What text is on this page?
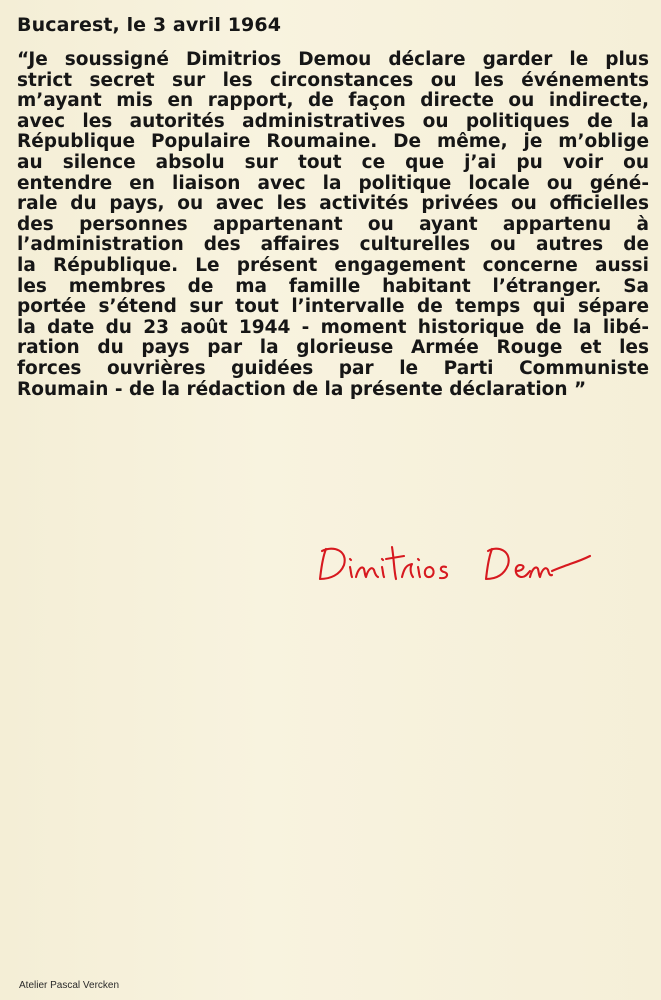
Bucarest, le 3 avril 1964
“Je soussigné Dimitrios Demou déclare garder le plus
strict secret sur les circonstances ou les événements
m’ayant mis en rapport, de façon directe ou indirecte,
avec les autorités administratives ou politiques de la
République Populaire Roumaine. De même, je m’oblige
au silence absolu sur tout ce que j’ai pu voir ou
entendre en liaison avec la politique locale ou géné-
rale du pays, ou avec les activités privées ou officielles
des personnes appartenant ou ayant appartenu à
l’administration des affaires culturelles ou autres de
la République. Le présent engagement concerne aussi
les membres de ma famille habitant l’étranger. Sa
portée s’étend sur tout l’intervalle de temps qui sépare
la date du 23 août 1944 - moment historique de la libé-
ration du pays par la glorieuse Armée Rouge et les
forces ouvrières guidées par le Parti Communiste
Roumain - de la rédaction de la présente déclaration ”
Atelier Pascal Vercken
